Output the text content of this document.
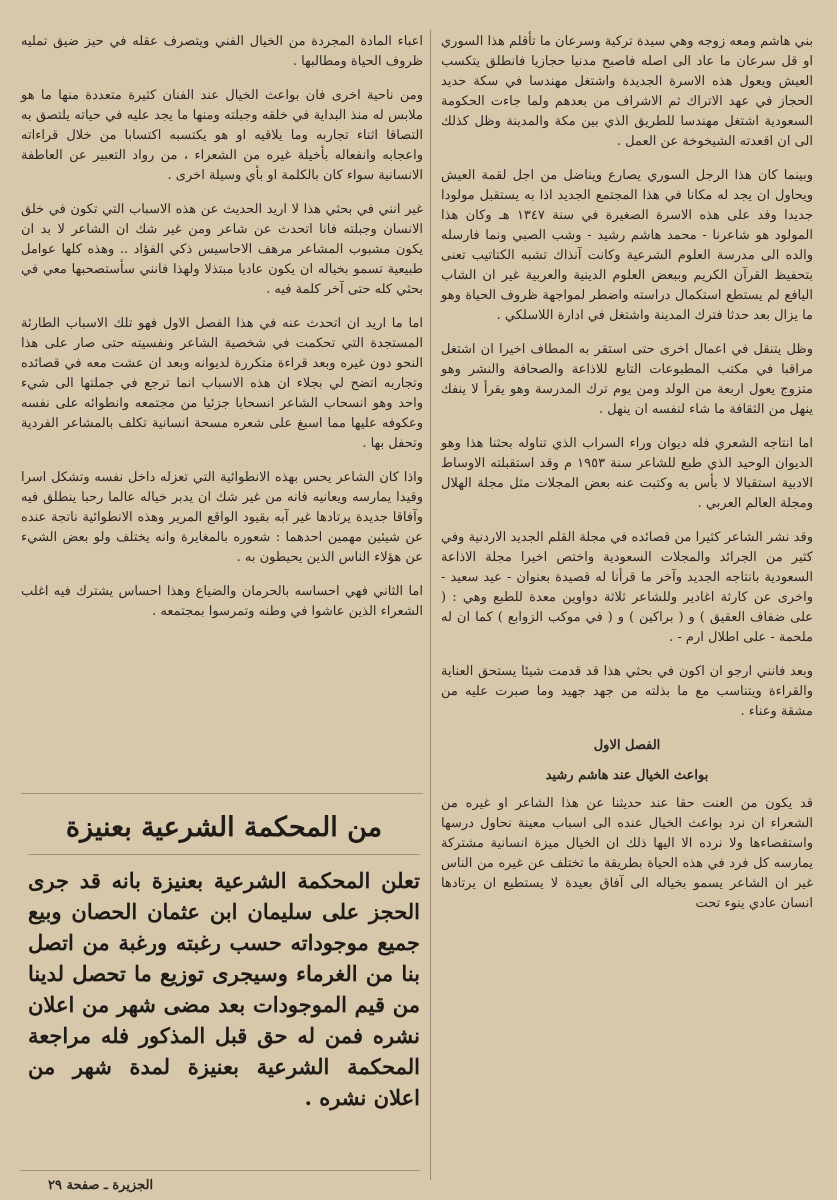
بني هاشم ومعه زوجه وهي سيدة تركية وسرعان ما تأقلم هذا السوري او قل سرعان ما عاد الى اصله فاصبح مدنيا حجازيا فانطلق يتكسب العيش ويعول هذه الاسرة الجديدة واشتغل مهندسا في سكة حديد الحجاز في عهد الاتراك ثم الاشراف من بعدهم ولما جاءت الحكومة السعودية اشتغل مهندسا للطريق الذي بين مكة والمدينة وظل كذلك الى ان اقعدته الشيخوخة عن العمل .

وبينما كان هذا الرجل السوري يصارع ويناضل من اجل لقمة العيش ويحاول ان يجد له مكانا في هذا المجتمع الجديد اذا به يستقبل مولودا جديدا وفد على هذه الاسرة الصغيرة في سنة ١٣٤٧ هـ وكان هذا المولود هو شاعرنا - محمد هاشم رشيد - وشب الصبي ونما فارسله والده الى مدرسة العلوم الشرعية وكانت آنذاك تشبه الكتاتيب تعنى بتحفيظ القرآن الكريم وببعض العلوم الدينية والعربية غير ان الشاب اليافع لم يستطع استكمال دراسته واضطر لمواجهة ظروف الحياة وهو ما يزال بعد حدثا فترك المدينة واشتغل في ادارة اللاسلكي .

وظل يتنقل في اعمال اخرى حتى استقر به المطاف اخيرا ان اشتغل مراقبا في مكتب المطبوعات التابع للاذاعة والصحافة والنشر وهو متزوج يعول اربعة من الولد ومن يوم ترك المدرسة وهو يقرأ لا ينفك ينهل من الثقافة ما شاء لنفسه ان ينهل .

اما انتاجه الشعري فله ديوان وراء السراب الذي تناوله بحثنا هذا وهو الديوان الوحيد الذي طبع للشاعر سنة ١٩٥٣ م وقد استقبلته الاوساط الادبية استقبالا لا بأس به وكتبت عنه بعض المجلات مثل مجلة الهلال ومجلة العالم العربي .

وقد نشر الشاعر كثيرا من قصائده في مجلة القلم الجديد الاردنية وفي كثير من الجرائد والمجلات السعودية واختص اخيرا مجلة الاذاعة السعودية بانتاجه الجديد وآخر ما قرأنا له قصيدة بعنوان - عيد سعيد - واخرى عن كارثة اغادير وللشاعر ثلاثة دواوين معدة للطبع وهي : ( على ضفاف العقيق ) و ( براكين ) و ( في موكب الزوابع ) كما ان له ملحمة - على اطلال ارم - .

وبعد فانني ارجو ان اكون في بحثي هذا قد قدمت شيئا يستحق العناية والقراءة ويتناسب مع ما بذلته من جهد جهيد وما صبرت عليه من مشقة وعناء .

الفصل الاول
بواعث الخيال عند هاشم رشيد

قد يكون من العنت حقا عند حديثنا عن هذا الشاعر او غيره من الشعراء ان نرد بواعث الخيال عنده الى اسباب معينة نحاول درسها واستقصاءها ولا نرده الا اليها ذلك ان الخيال ميزة انسانية مشتركة يمارسه كل فرد في هذه الحياة بطريقة ما تختلف عن غيره من الناس غير ان الشاعر يسمو بخياله الى آفاق بعيدة لا يستطيع ان يرتادها انسان عادي ينوء تحت

اعباء المادة المجردة من الخيال الفني ويتصرف عقله في حيز ضيق تمليه ظروف الحياة ومطالبها .

ومن ناحية اخرى فان بواعث الخيال عند الفنان كثيرة متعددة منها ما هو ملابس له منذ البداية في خلقه وجبلته ومنها ما يجد عليه في حياته يلتصق به التصاقا اثناء تجاربه وما يلاقيه او هو يكتسبه اكتسابا من خلال قراءاته واعجابه وانفعاله بأخيلة غيره من الشعراء ، من رواد التعبير عن العاطفة الانسانية سواء كان بالكلمة او بأي وسيلة اخرى .

غير انني في بحثي هذا لا اريد الحديث عن هذه الاسباب التي تكون في خلق الانسان وجبلته فانا اتحدث عن شاعر ومن غير شك ان الشاعر لا بد ان يكون مشبوب المشاعر مرهف الاحاسيس ذكي الفؤاد .. وهذه كلها عوامل طبيعية تسمو بخياله ان يكون عاديا مبتذلا ولهذا فانني سأستصحبها معي في بحثي كله حتى آخر كلمة فيه .

اما ما اريد ان اتحدث عنه في هذا الفصل الاول فهو تلك الاسباب الطارئة المستجدة التي تحكمت في شخصية الشاعر ونفسيته حتى صار على هذا النحو دون غيره وبعد قراءة متكررة لديوانه وبعد ان عشت معه في قصائده وتجاربه اتضح لي بجلاء ان هذه الاسباب انما ترجع في جملتها الى شيء واحد وهو انسحاب الشاعر انسحابا جزئيا من مجتمعه وانطوائه على نفسه وعكوفه عليها مما اسبغ على شعره مسحة انسانية تكلف بالمشاعر الفردية وتحفل بها .

واذا كان الشاعر يحس بهذه الانطوائية التي تعزله داخل نفسه وتشكل اسرا وقيدا يمارسه ويعانيه فانه من غير شك ان يدبر خياله عالما رحبا ينطلق فيه وآفاقا جديدة يرتادها غير آبه بقيود الواقع المرير وهذه الانطوائية ناتجة عنده عن شيئين مهمين احدهما : شعوره بالمغايرة وانه يختلف ولو بعض الشيء عن هؤلاء الناس الذين يحيطون به .

اما الثاني فهي احساسه بالحرمان والضياع وهذا احساس يشترك فيه اغلب الشعراء الذين عاشوا في وطنه وتمرسوا بمجتمعه .

من المحكمة الشرعية بعنيزة
تعلن المحكمة الشرعية بعنيزة بانه قد جرى الحجز على سليمان ابن عثمان الحصان وبيع جميع موجوداته حسب رغبته ورغبة من اتصل بنا من الغرماء وسيجرى توزيع ما تحصل لدينا من قيم الموجودات بعد مضى شهر من اعلان نشره فمن له حق قبل المذكور فله مراجعة المحكمة الشرعية بعنيزة لمدة شهر من اعلان نشره .
الجزيرة ـ صفحة ٢٩
